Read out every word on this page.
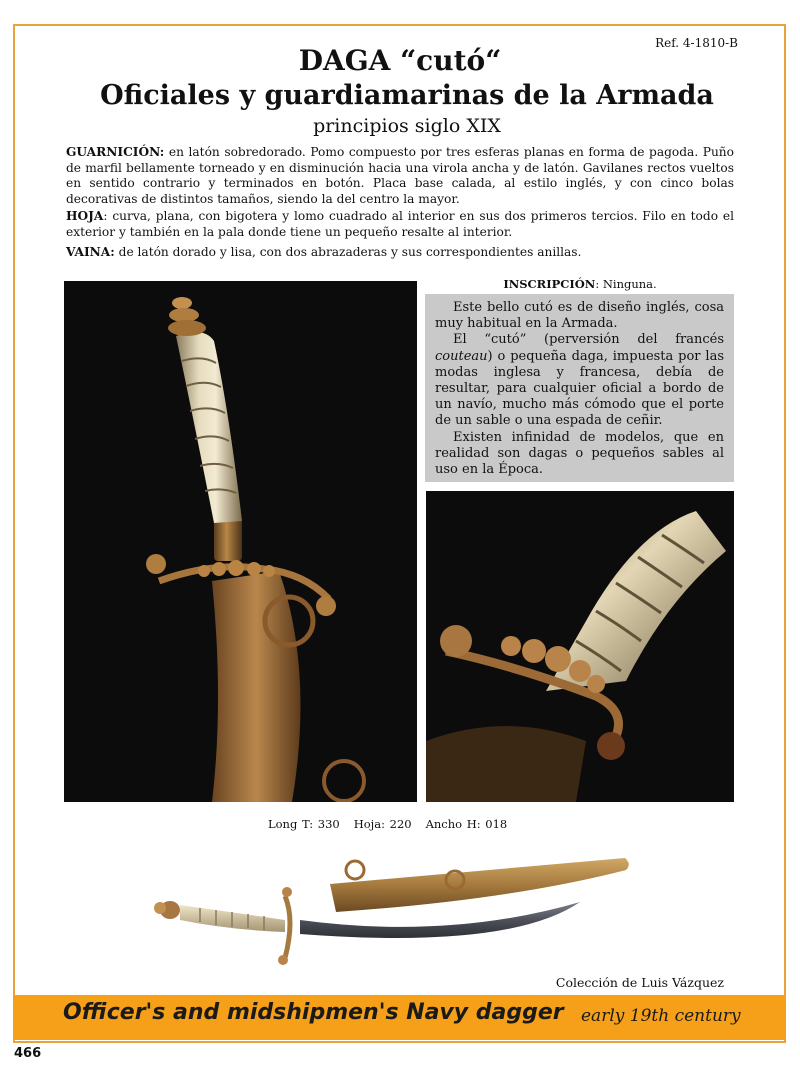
Ref. 4-1810-B
DAGA “cutó“
Oficiales y guardiamarinas de la Armada
principios siglo XIX

GUARNICIÓN: en latón sobredorado. Pomo compuesto por tres esferas planas en forma de pagoda. Puño de marfil bellamente torneado y en disminución hacia una virola ancha y de latón. Gavilanes rectos vueltos en sentido contrario y terminados en botón. Placa base calada, al estilo inglés, y con cinco bolas decorativas de distintos tamaños, siendo la del centro la mayor.

HOJA: curva, plana, con bigotera y lomo cuadrado al interior en sus dos primeros tercios. Filo en todo el exterior y también en la pala donde tiene un pequeño resalte al interior.

VAINA: de latón dorado y lisa, con dos abrazaderas y sus correspondientes anillas.

INSCRIPCIÓN: Ninguna.

Este bello cutó es de diseño inglés, cosa muy habitual en la Armada.

El “cutó” (perversión del francés couteau) o pequeña daga, impuesta por las modas inglesa y francesa, debía de resultar, para cualquier oficial a bordo de un navío, mucho más cómodo que el porte de un sable o una espada de ceñir.

Existen infinidad de modelos, que en realidad son dagas o pequeños sables al uso en la Época.

Long T: 330 Hoja: 220 Ancho H: 018
Colección de Luis Vázquez
Officer's and midshipmen's Navy dagger early 19th century
466
